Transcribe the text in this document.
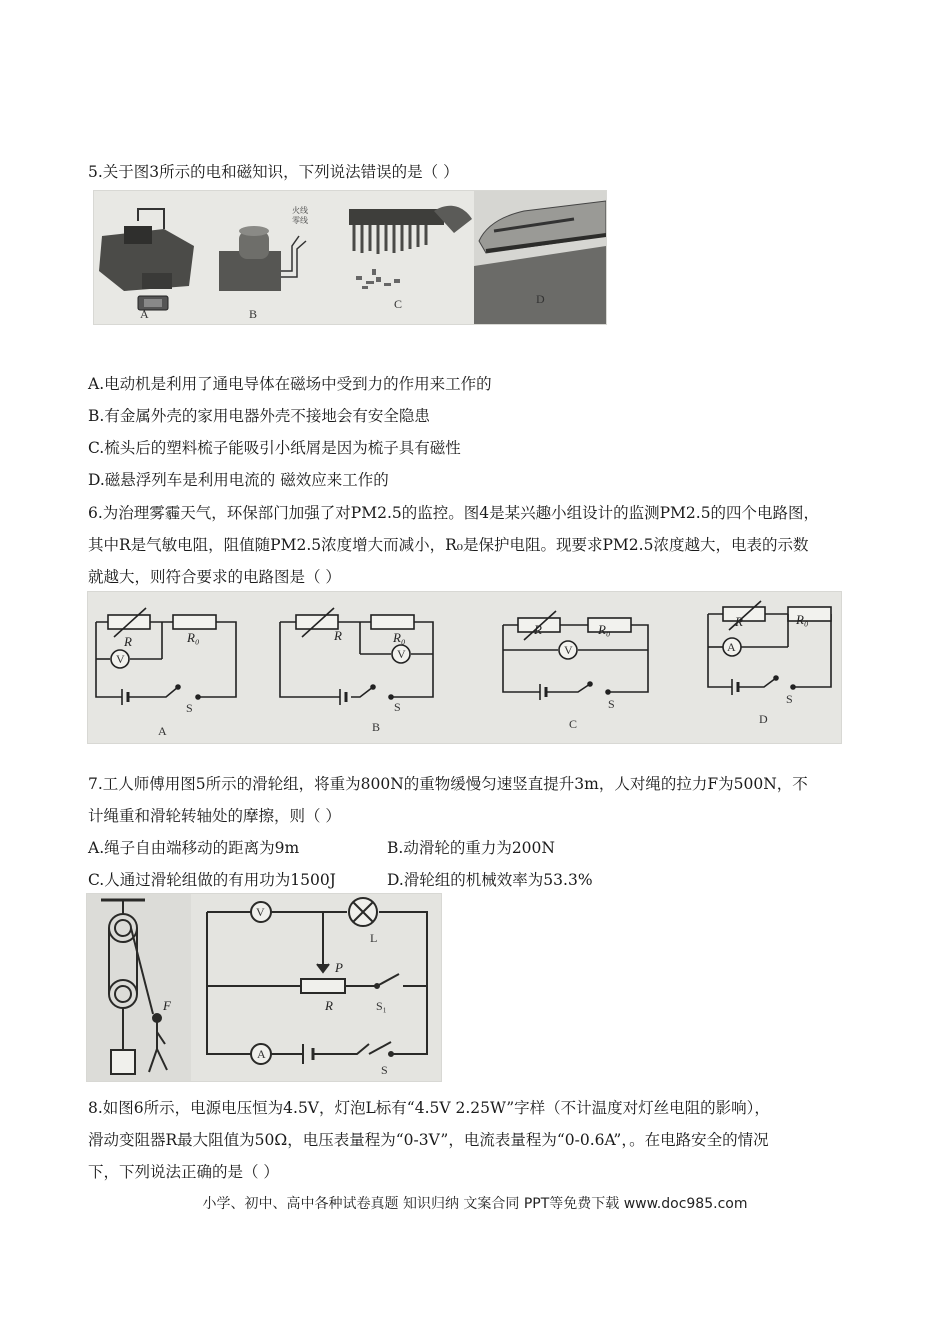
5.关于图3所示的电和磁知识，下列说法错误的是（ ）
火线
零线
A	B
C	D
A.电动机是利用了通电导体在磁场中受到力的作用来工作的
B.有金属外壳的家用电器外壳不接地会有安全隐患
C.梳头后的塑料梳子能吸引小纸屑是因为梳子具有磁性
D.磁悬浮列车是利用电流的 磁效应来工作的
6.为治理雾霾天气，环保部门加强了对PM2.5的监控。图4是某兴趣小组设计的监测PM2.5的四个电路图，
其中R是气敏电阻，阻值随PM2.5浓度增大而减小，R₀是保护电阻。现要求PM2.5浓度越大，电表的示数
就越大，则符合要求的电路图是（ ）
R	R₀
V
S
A
R	R₀
V
S
B
R	R₀
V
S
C
R	R₀
A
S
D
7.工人师傅用图5所示的滑轮组，将重为800N的重物缓慢匀速竖直提升3m，人对绳的拉力F为500N，不
计绳重和滑轮转轴处的摩擦，则（ ）
A.绳子自由端移动的距离为9m	B.动滑轮的重力为200N
C.人通过滑轮组做的有用功为1500J	D.滑轮组的机械效率为53.3%
F
V
L
P
R	S₁
A
S
8.如图6所示，电源电压恒为4.5V，灯泡L标有“4.5V 2.25W”字样（不计温度对灯丝电阻的影响），
滑动变阻器R最大阻值为50Ω，电压表量程为“0-3V”，电流表量程为“0-0.6A”，。在电路安全的情况
下，下列说法正确的是（ ）
小学、初中、高中各种试卷真题 知识归纳 文案合同 PPT等免费下载 www.doc985.com
